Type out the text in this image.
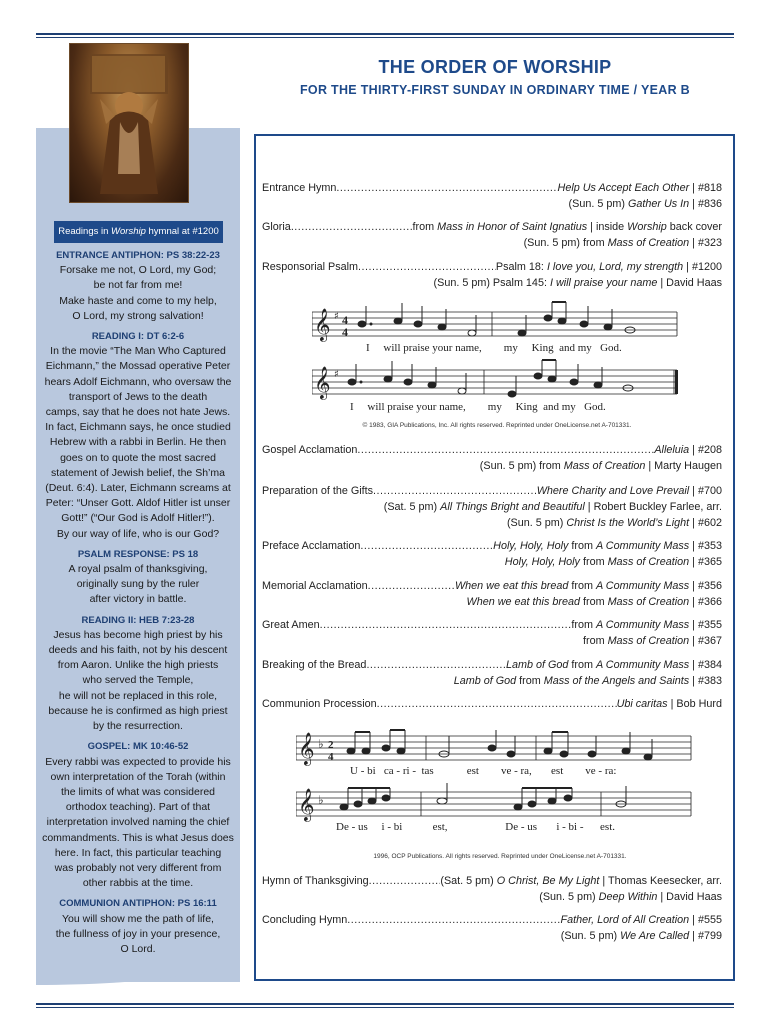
THE ORDER OF WORSHIP
FOR THE THIRTY-FIRST SUNDAY IN ORDINARY TIME / YEAR B
Readings in Worship hymnal at #1200
ENTRANCE ANTIPHON: PS 38:22-23
Forsake me not, O Lord, my God;
be not far from me!
Make haste and come to my help,
O Lord, my strong salvation!
READING I: DT 6:2-6
In the movie “The Man Who Captured
Eichmann,” the Mossad operative Peter
hears Adolf Eichmann, who oversaw the
transport of Jews to the death
camps, say that he does not hate Jews.
In fact, Eichmann says, he once studied
Hebrew with a rabbi in Berlin. He then
goes on to quote the most sacred
statement of Jewish belief, the Sh’ma
(Deut. 6:4). Later, Eichmann screams at
Peter: “Unser Gott. Aldof Hitler ist unser
Gott!” (“Our God is Adolf Hitler!”).
By our way of life, who is our God?
PSALM RESPONSE: PS 18
A royal psalm of thanksgiving,
originally sung by the ruler
after victory in battle.
READING II: HEB 7:23-28
Jesus has become high priest by his
deeds and his faith, not by his descent
from Aaron. Unlike the high priests
who served the Temple,
he will not be replaced in this role,
because he is confirmed as high priest
by the resurrection.
GOSPEL: MK 10:46-52
Every rabbi was expected to provide his
own interpretation of the Torah (within
the limits of what was considered
orthodox teaching). Part of that
interpretation involved naming the chief
commandments. This is what Jesus does
here. In fact, this particular teaching
was probably not very different from
other rabbis at the time.
COMMUNION ANTIPHON: PS 16:11
You will show me the path of life,
the fullness of joy in your presence,
O Lord.
Entrance Hymn .....	Help Us Accept Each Other | #818
(Sun. 5 pm) Gather Us In | #836
Gloria .....	from Mass in Honor of Saint Ignatius | inside Worship back cover
(Sun. 5 pm) from Mass of Creation | #323
Responsorial Psalm .....	Psalm 18: I love you, Lord, my strength | #1200
(Sun. 5 pm) Psalm 145: I will praise your name | David Haas
Gospel Acclamation .....	Alleluia | #208
(Sun. 5 pm) from Mass of Creation | Marty Haugen
Preparation of the Gifts .....	Where Charity and Love Prevail | #700
(Sat. 5 pm) All Things Bright and Beautiful | Robert Buckley Farlee, arr.
(Sun. 5 pm) Christ Is the World’s Light | #602
Preface Acclamation .....	Holy, Holy, Holy from A Community Mass | #353
Holy, Holy, Holy from Mass of Creation | #365
Memorial Acclamation .....	When we eat this bread from A Community Mass | #356
When we eat this bread from Mass of Creation | #366
Great Amen .....	from A Community Mass | #355
from Mass of Creation | #367
Breaking of the Bread .....	Lamb of God from A Community Mass | #384
Lamb of God from Mass of the Angels and Saints | #383
Communion Procession .....	Ubi caritas | Bob Hurd
Hymn of Thanksgiving .....	(Sat. 5 pm) O Christ, Be My Light | Thomas Keesecker, arr.
(Sun. 5 pm) Deep Within | David Haas
Concluding Hymn .....	Father, Lord of All Creation | #555
(Sun. 5 pm) We Are Called | #799
𝄞
𝄞
♯
♯
4
4
I will praise your name, my King and my God.
I will praise your name, my King and my God.
© 1983, GIA Publications, Inc. All rights reserved. Reprinted under OneLicense.net A-701331.
𝄞
𝄞
♭
♭
2
4
U - bi ca - ri - tas	est ve - ra, est ve - ra:
De - us i - bi	est,	De - us i - bi - est.
1996, OCP Publications. All rights reserved. Reprinted under OneLicense.net A-701331.
